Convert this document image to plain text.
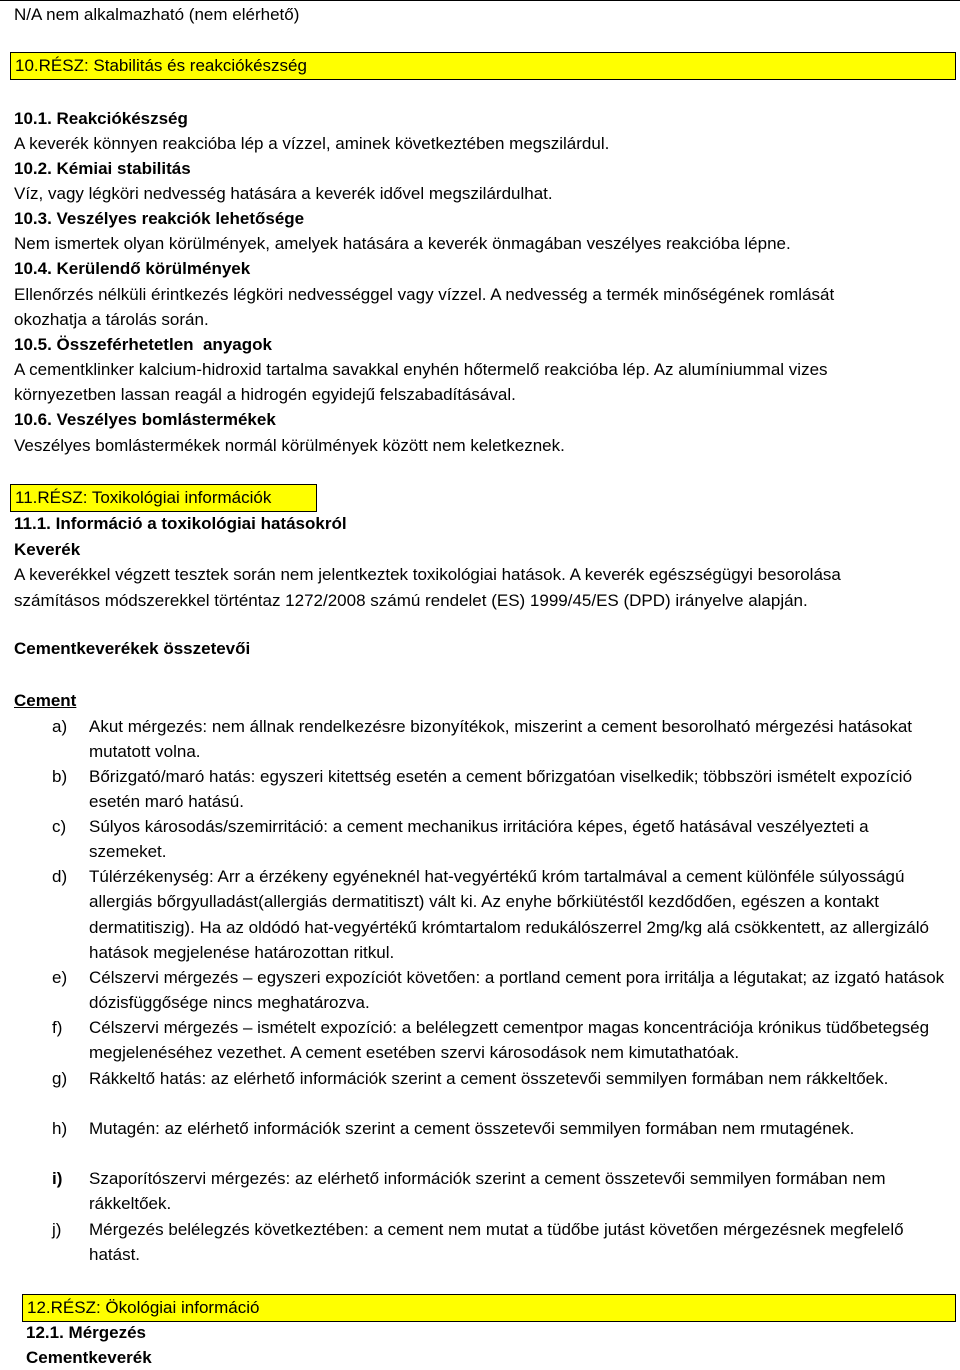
N/A nem alkalmazható (nem elérhető)
10.RÉSZ: Stabilitás és reakciókészség
10.1. Reakciókészség
A keverék könnyen reakcióba lép a vízzel, aminek következtében megszilárdul.
10.2. Kémiai stabilitás
Víz, vagy légköri nedvesség hatására a keverék idővel megszilárdulhat.
10.3. Veszélyes reakciók lehetősége
Nem ismertek olyan körülmények, amelyek hatására a keverék önmagában veszélyes reakcióba lépne.
10.4. Kerülendő körülmények
Ellenőrzés nélküli érintkezés légköri nedvességgel vagy vízzel. A nedvesség a termék minőségének romlását
okozhatja a tárolás során.
10.5. Összeférhetetlen  anyagok
A cementklinker kalcium-hidroxid tartalma savakkal enyhén hőtermelő reakcióba lép. Az alumíniummal vizes
környezetben lassan reagál a hidrogén egyidejű felszabadításával.
10.6. Veszélyes bomlástermékek
Veszélyes bomlástermékek normál körülmények között nem keletkeznek.
11.RÉSZ: Toxikológiai információk
11.1. Információ a toxikológiai hatásokról
Keverék
A keverékkel végzett tesztek során nem jelentkeztek toxikológiai hatások. A keverék egészségügyi besorolása
számításos módszerekkel történtaz 1272/2008 számú rendelet (ES) 1999/45/ES (DPD) irányelve alapján.
Cementkeverékek összetevői
Cement
a) Akut mérgezés: nem állnak rendelkezésre bizonyítékok, miszerint a cement besorolható mérgezési hatásokat mutatott volna.
b) Bőrizgató/maró hatás: egyszeri kitettség esetén a cement bőrizgatóan viselkedik; többszöri ismételt expozíció esetén maró hatású.
c) Súlyos károsodás/szemirritáció: a cement mechanikus irritációra képes, égető hatásával veszélyezteti a szemeket.
d) Túlérzékenység: Arr a érzékeny egyéneknél hat-vegyértékű króm tartalmával a cement különféle súlyosságú allergiás bőrgyulladást(allergiás dermatitiszt) vált ki. Az enyhe bőrkiütéstől kezdődően, egészen a kontakt dermatitiszig). Ha az oldódó hat-vegyértékű krómtartalom redukálószerrel 2mg/kg alá csökkentett, az allergizáló hatások megjelenése határozottan ritkul.
e) Célszervi mérgezés – egyszeri expozíciót követően: a portland cement pora irritálja a légutakat; az izgató hatások dózisfüggősége nincs meghatározva.
f) Célszervi mérgezés – ismételt expozíció: a belélegzett cementpor magas koncentrációja krónikus tüdőbetegség megjelenéséhez vezethet. A cement esetében szervi károsodások nem kimutathatóak.
g) Rákkeltő hatás: az elérhető információk szerint a cement összetevői semmilyen formában nem rákkeltőek.
h) Mutagén: az elérhető információk szerint a cement összetevői semmilyen formában nem rmutagének.
i) Szaporítószervi mérgezés: az elérhető információk szerint a cement összetevői semmilyen formában nem rákkeltőek.
j) Mérgezés belélegzés következtében: a cement nem mutat a tüdőbe jutást követően mérgezésnek megfelelő hatást.
12.RÉSZ: Ökológiai információ
12.1. Mérgezés
Cementkeverék
